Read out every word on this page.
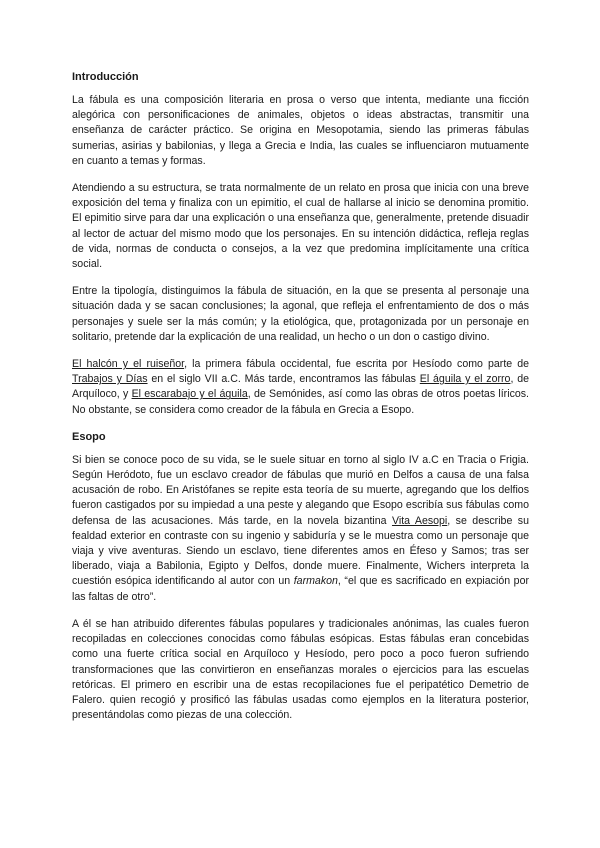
Introducción

La fábula es una composición literaria en prosa o verso que intenta, mediante una ficción alegórica con personificaciones de animales, objetos o ideas abstractas, transmitir una enseñanza de carácter práctico. Se origina en Mesopotamia, siendo las primeras fábulas sumerias, asirias y babilonias, y llega a Grecia e India, las cuales se influenciaron mutuamente en cuanto a temas y formas.

Atendiendo a su estructura, se trata normalmente de un relato en prosa que inicia con una breve exposición del tema y finaliza con un epimitio, el cual de hallarse al inicio se denomina promitio. El epimitio sirve para dar una explicación o una enseñanza que, generalmente, pretende disuadir al lector de actuar del mismo modo que los personajes. En su intención didáctica, refleja reglas de vida, normas de conducta o consejos, a la vez que predomina implícitamente una crítica social.

Entre la tipología, distinguimos la fábula de situación, en la que se presenta al personaje una situación dada y se sacan conclusiones; la agonal, que refleja el enfrentamiento de dos o más personajes y suele ser la más común; y la etiológica, que, protagonizada por un personaje en solitario, pretende dar la explicación de una realidad, un hecho o un don o castigo divino.

El halcón y el ruiseñor, la primera fábula occidental, fue escrita por Hesíodo como parte de Trabajos y Días en el siglo VII a.C. Más tarde, encontramos las fábulas El águila y el zorro, de Arquíloco, y El escarabajo y el águila, de Semónides, así como las obras de otros poetas líricos. No obstante, se considera como creador de la fábula en Grecia a Esopo.

Esopo

Si bien se conoce poco de su vida, se le suele situar en torno al siglo IV a.C en Tracia o Frigia. Según Heródoto, fue un esclavo creador de fábulas que murió en Delfos a causa de una falsa acusación de robo. En Aristófanes se repite esta teoría de su muerte, agregando que los delfios fueron castigados por su impiedad a una peste y alegando que Esopo escribía sus fábulas como defensa de las acusaciones. Más tarde, en la novela bizantina Vita Aesopi, se describe su fealdad exterior en contraste con su ingenio y sabiduría y se le muestra como un personaje que viaja y vive aventuras. Siendo un esclavo, tiene diferentes amos en Éfeso y Samos; tras ser liberado, viaja a Babilonia, Egipto y Delfos, donde muere. Finalmente, Wichers interpreta la cuestión esópica identificando al autor con un farmakon, “el que es sacrificado en expiación por las faltas de otro”.

A él se han atribuido diferentes fábulas populares y tradicionales anónimas, las cuales fueron recopiladas en colecciones conocidas como fábulas esópicas. Estas fábulas eran concebidas como una fuerte crítica social en Arquíloco y Hesíodo, pero poco a poco fueron sufriendo transformaciones que las convirtieron en enseñanzas morales o ejercicios para las escuelas retóricas. El primero en escribir una de estas recopilaciones fue el peripatético Demetrio de Falero. quien recogió y prosificó las fábulas usadas como ejemplos en la literatura posterior, presentándolas como piezas de una colección.
